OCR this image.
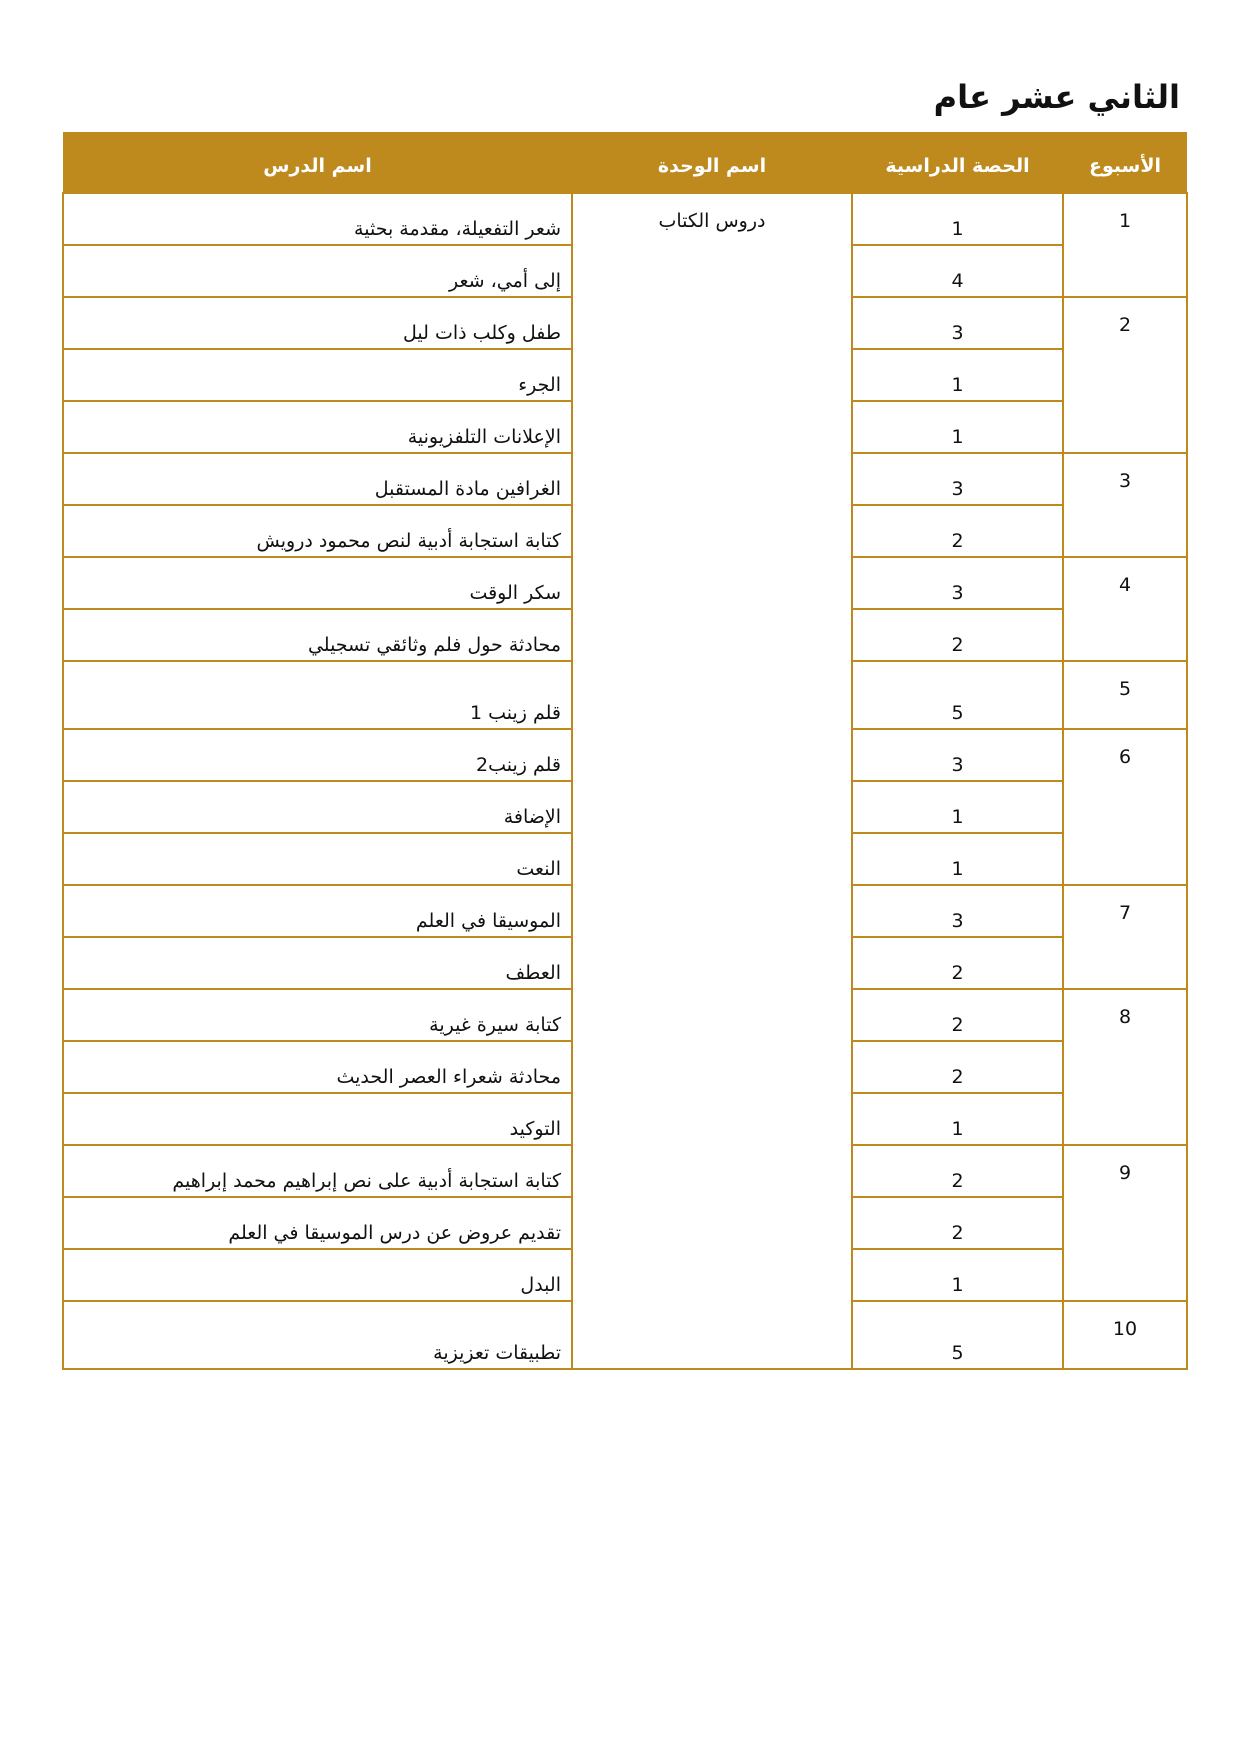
الثاني عشر عام
الأسبوع	الحصة الدراسية	اسم الوحدة	اسم الدرس
1	1	دروس الكتاب	شعر التفعيلة، مقدمة بحثية
	4		إلى أمي، شعر
2	3		طفل وكلب ذات ليل
	1		الجرء
	1		الإعلانات التلفزيونية
3	3		الغرافين مادة المستقبل
	2		كتابة استجابة أدبية لنص محمود درويش
4	3		سكر الوقت
	2		محادثة حول فلم وثائقي تسجيلي
5	5		قلم زينب 1
6	3		قلم زينب2
	1		الإضافة
	1		النعت
7	3		الموسيقا في العلم
	2		العطف
8	2		كتابة سيرة غيرية
	2		محادثة شعراء العصر الحديث
	1		التوكيد
9	2		كتابة استجابة أدبية على نص إبراهيم محمد إبراهيم
	2		تقديم عروض عن درس الموسيقا في العلم
	1		البدل
10	5		تطبيقات تعزيزية
